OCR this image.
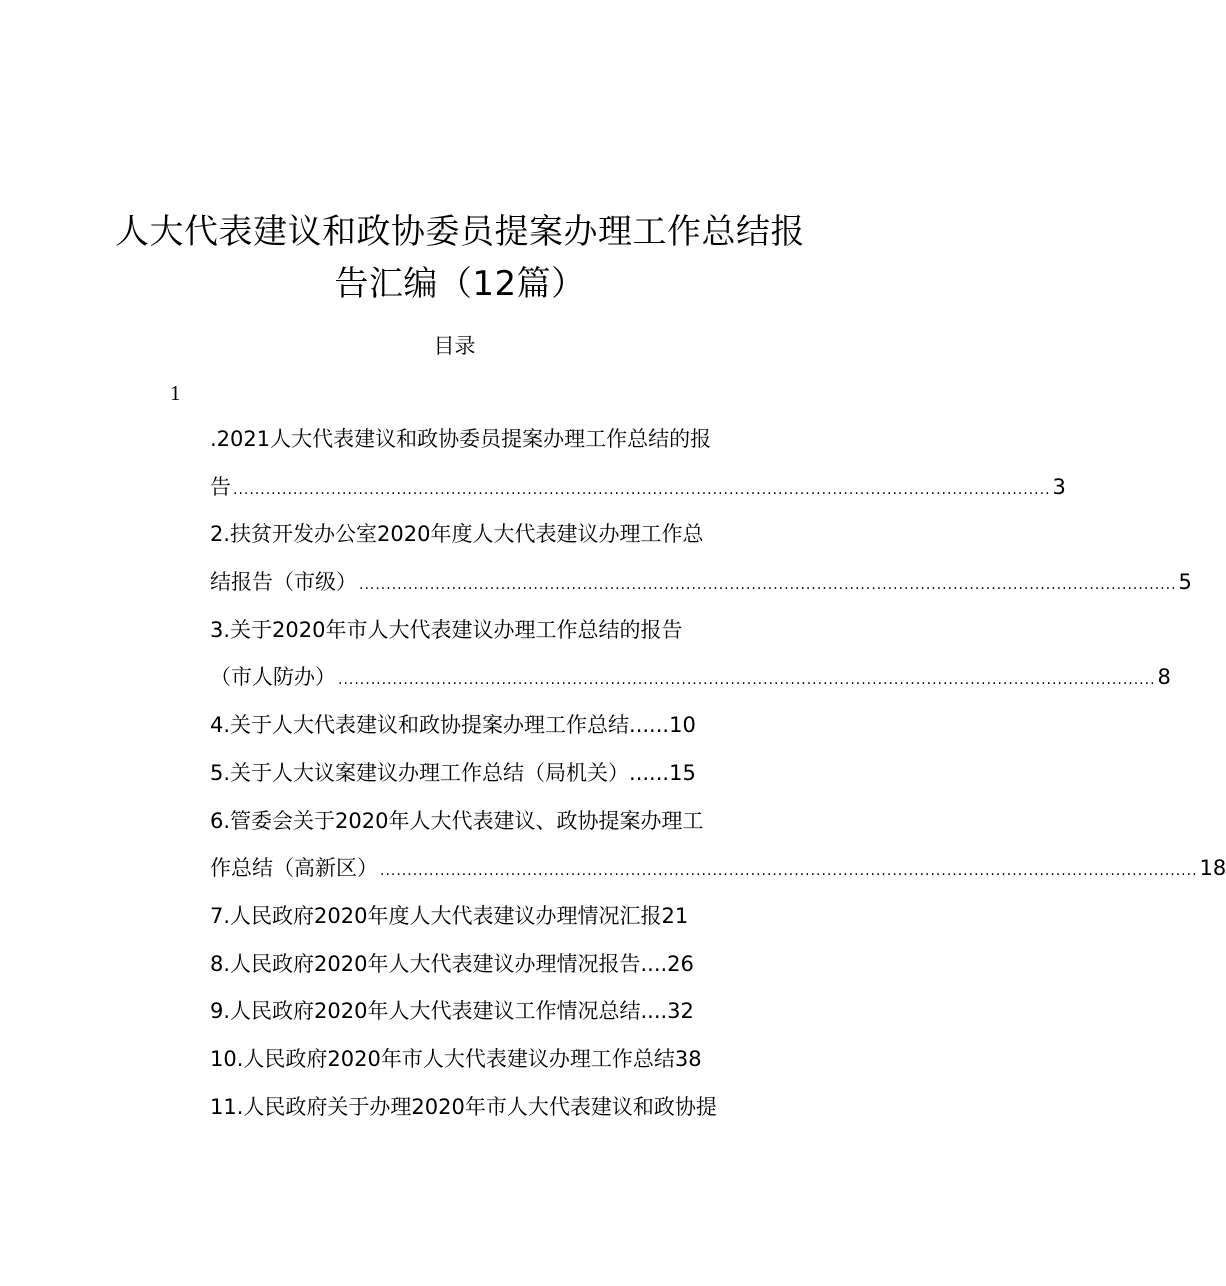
人大代表建议和政协委员提案办理工作总结报
告汇编（12篇）
目录
1
.2021人大代表建议和政协委员提案办理工作总结的报
告 ...................................................................................................................................................... 3
2.扶贫开发办公室2020年度人大代表建议办理工作总
结报告（市级） ...................................................................................................................................................... 5
3.关于2020年市人大代表建议办理工作总结的报告
（市人防办） ...................................................................................................................................................... 8
4.关于人大代表建议和政协提案办理工作总结......10
5.关于人大议案建议办理工作总结（局机关）......15
6.管委会关于2020年人大代表建议、政协提案办理工
作总结（高新区） ...................................................................................................................................................... 18
7.人民政府2020年度人大代表建议办理情况汇报21
8.人民政府2020年人大代表建议办理情况报告....26
9.人民政府2020年人大代表建议工作情况总结....32
10.人民政府2020年市人大代表建议办理工作总结38
11.人民政府关于办理2020年市人大代表建议和政协提
